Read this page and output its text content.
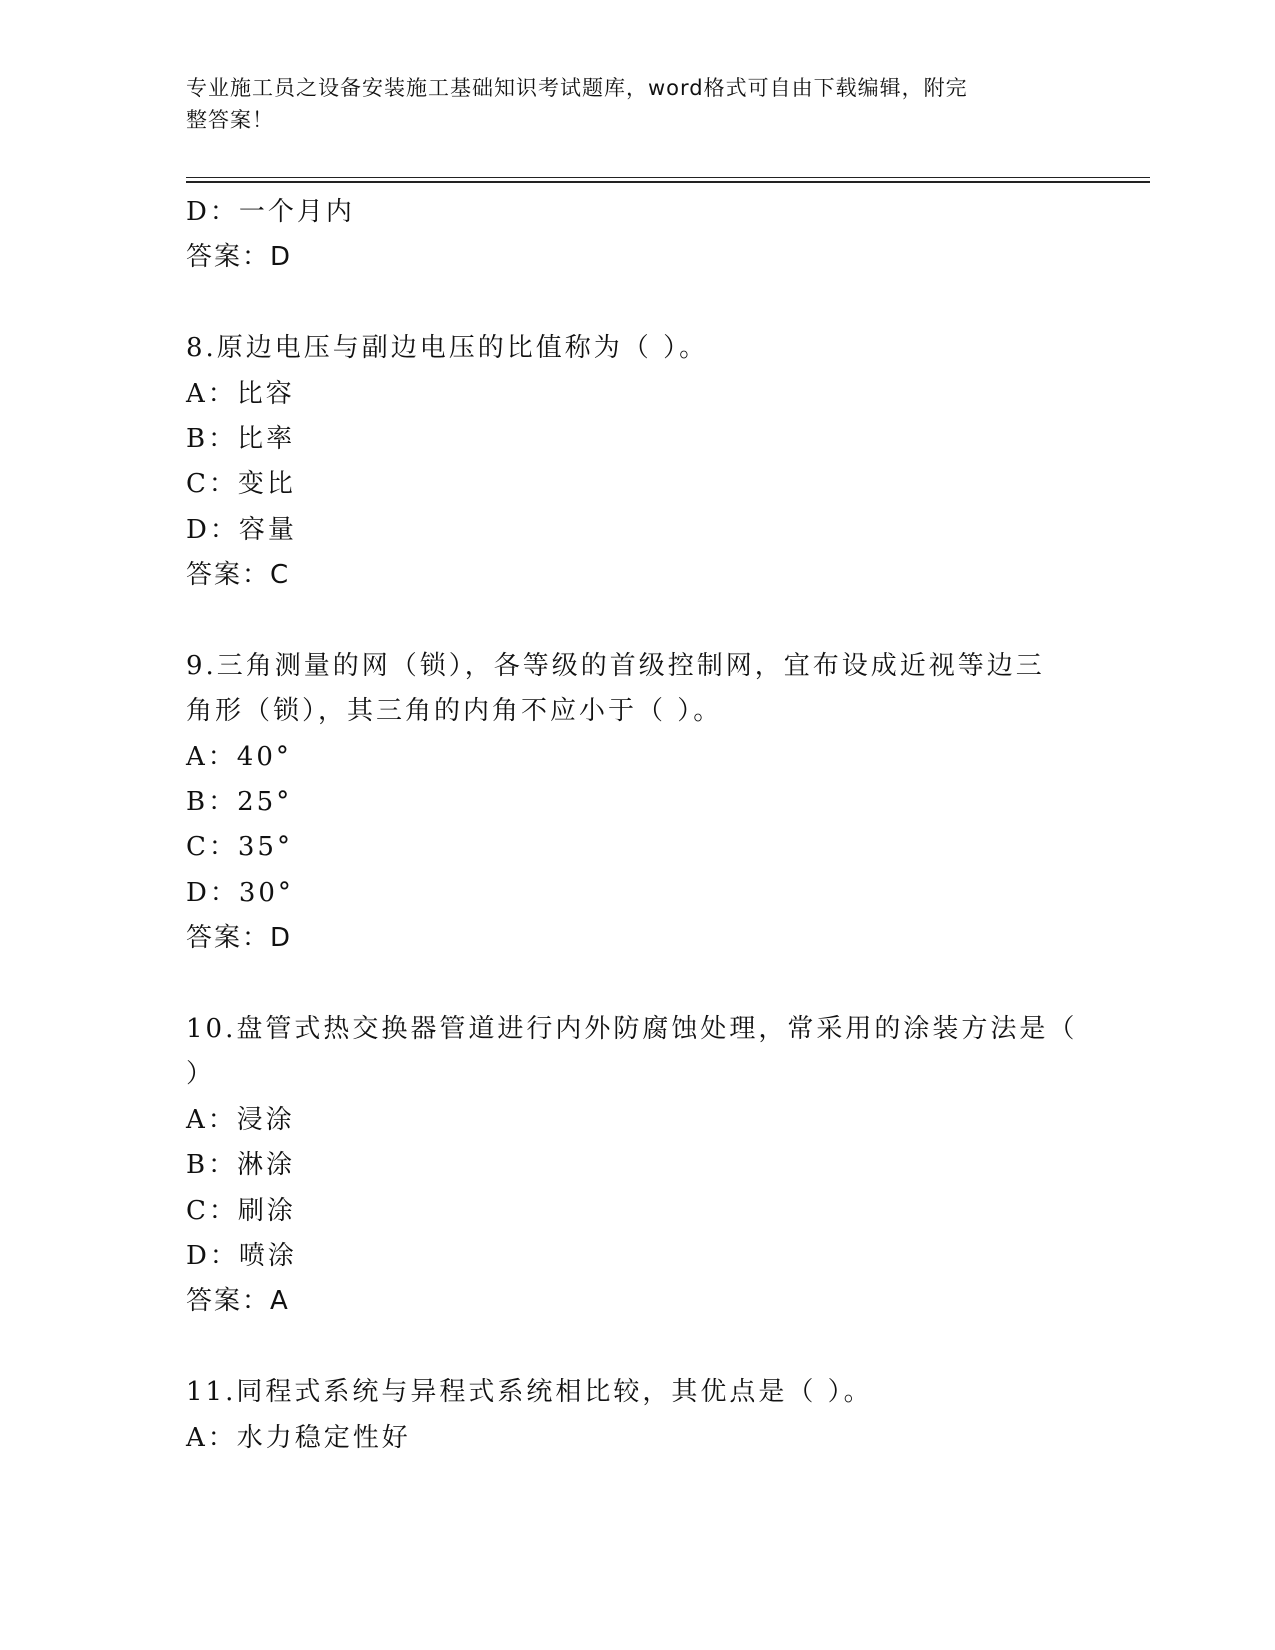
专业施工员之设备安装施工基础知识考试题库，word格式可自由下载编辑，附完
整答案！
D：一个月内
答案：D
8.原边电压与副边电压的比值称为（ ）。
A：比容
B：比率
C：变比
D：容量
答案：C
9.三角测量的网（锁），各等级的首级控制网，宜布设成近视等边三
角形（锁），其三角的内角不应小于（ ）。
A：40°
B：25°
C：35°
D：30°
答案：D
10.盘管式热交换器管道进行内外防腐蚀处理，常采用的涂装方法是（
）
A：浸涂
B：淋涂
C：刷涂
D：喷涂
答案：A
11.同程式系统与异程式系统相比较，其优点是（ ）。
A：水力稳定性好
